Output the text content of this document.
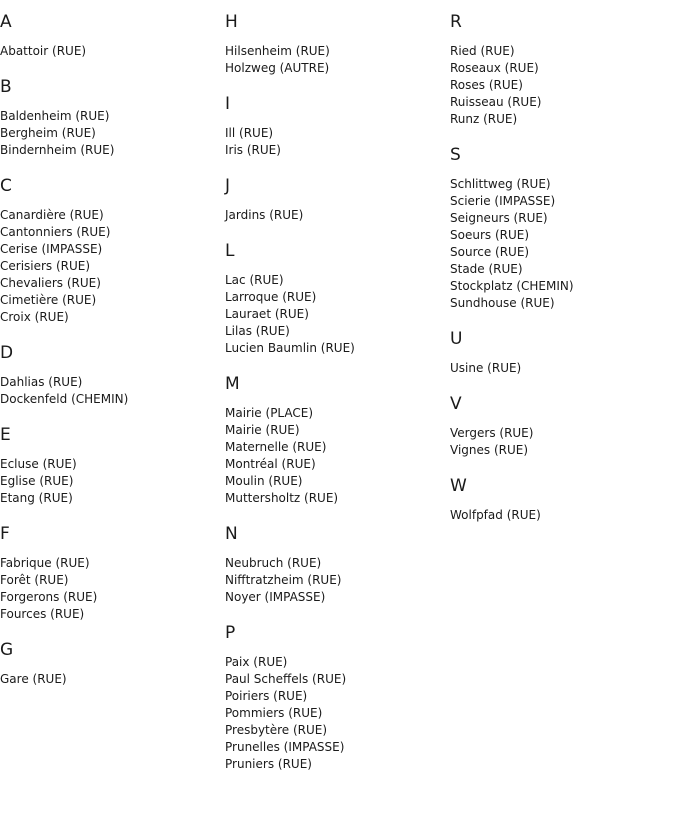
A
Abattoir (RUE)
B
Baldenheim (RUE)
Bergheim (RUE)
Bindernheim (RUE)
C
Canardière (RUE)
Cantonniers (RUE)
Cerise (IMPASSE)
Cerisiers (RUE)
Chevaliers (RUE)
Cimetière (RUE)
Croix (RUE)
D
Dahlias (RUE)
Dockenfeld (CHEMIN)
E
Ecluse (RUE)
Eglise (RUE)
Etang (RUE)
F
Fabrique (RUE)
Forêt (RUE)
Forgerons (RUE)
Fources (RUE)
G
Gare (RUE)
H
Hilsenheim (RUE)
Holzweg (AUTRE)
I
Ill (RUE)
Iris (RUE)
J
Jardins (RUE)
L
Lac (RUE)
Larroque (RUE)
Lauraet (RUE)
Lilas (RUE)
Lucien Baumlin (RUE)
M
Mairie (PLACE)
Mairie (RUE)
Maternelle (RUE)
Montréal (RUE)
Moulin (RUE)
Muttersholtz (RUE)
N
Neubruch (RUE)
Nifftratzheim (RUE)
Noyer (IMPASSE)
P
Paix (RUE)
Paul Scheffels (RUE)
Poiriers (RUE)
Pommiers (RUE)
Presbytère (RUE)
Prunelles (IMPASSE)
Pruniers (RUE)
R
Ried (RUE)
Roseaux (RUE)
Roses (RUE)
Ruisseau (RUE)
Runz (RUE)
S
Schlittweg (RUE)
Scierie (IMPASSE)
Seigneurs (RUE)
Soeurs (RUE)
Source (RUE)
Stade (RUE)
Stockplatz (CHEMIN)
Sundhouse (RUE)
U
Usine (RUE)
V
Vergers (RUE)
Vignes (RUE)
W
Wolfpfad (RUE)
